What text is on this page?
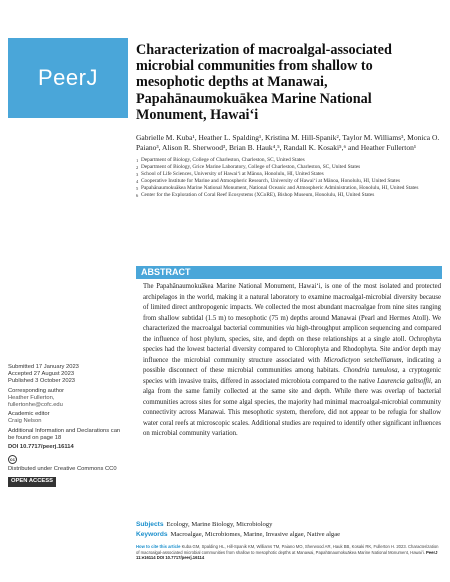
PeerJ
Characterization of macroalgal-associated microbial communities from shallow to mesophotic depths at Manawai, Papahānaumokuākea Marine National Monument, Hawaiʻi

Gabrielle M. Kuba¹, Heather L. Spalding¹, Kristina M. Hill-Spanik², Taylor M. Williams³, Monica O. Paiano³, Alison R. Sherwood³, Brian B. Hauk⁴,⁵, Randall K. Kosaki⁵,⁶ and Heather Fullerton¹

1 Department of Biology, College of Charleston, Charleston, SC, United States
2 Department of Biology, Grice Marine Laboratory, College of Charleston, Charleston, SC, United States
3 School of Life Sciences, University of Hawaiʻi at Mānoa, Honolulu, HI, United States
4 Cooperative Institute for Marine and Atmospheric Research, University of Hawaiʻi at Mānoa, Honolulu, HI, United States
5 Papahānaumokuākea Marine National Monument, National Oceanic and Atmospheric Administration, Honolulu, HI, United States
6 Center for the Exploration of Coral Reef Ecosystems (XCoRE), Bishop Museum, Honolulu, HI, United States
ABSTRACT
The Papahānaumokuākea Marine National Monument, Hawaiʻi, is one of the most isolated and protected archipelagos in the world, making it a natural laboratory to examine macroalgal-microbial diversity because of limited direct anthropogenic impacts. We collected the most abundant macroalgae from nine sites ranging from shallow subtidal (1.5 m) to mesophotic (75 m) depths around Manawai (Pearl and Hermes Atoll). We characterized the macroalgal bacterial communities via high-throughput amplicon sequencing and compared the influence of host phylum, species, site, and depth on these relationships at a single atoll. Ochrophyta species had the lowest bacterial diversity compared to Chlorophyta and Rhodophyta. Site and/or depth may influence the microbial community structure associated with Microdictyon setchellianum, indicating a possible disconnect of these microbial communities among habitats. Chondria tumulosa, a cryptogenic species with invasive traits, differed in associated microbiota compared to the native Laurencia galtsoffii, an alga from the same family collected at the same site and depth. While there was overlap of bacterial communities across sites for some algal species, the majority had minimal macroalgal-microbial community connectivity across Manawai. This mesophotic system, therefore, did not appear to be refugia for shallow water coral reefs at microscopic scales. Additional studies are required to identify other significant influences on microbial community variation.
Subjects Ecology, Marine Biology, Microbiology
Keywords Macroalgae, Microbiomes, Marine, Invasive algae, Native algae
Submitted 17 January 2023
Accepted 27 August 2023
Published 3 October 2023
Corresponding author
Heather Fullerton,
fullertonhe@cofc.edu
Academic editor
Craig Nelson
Additional Information and Declarations can be found on page 18
DOI 10.7717/peerj.16114
cc
Distributed under Creative Commons CC0
OPEN ACCESS
How to cite this article Kuba GM, Spalding HL, Hill-Spanik KM, Williams TM, Paiano MO, Sherwood AR, Hauk BB, Kosaki RK, Fullerton H. 2023. Characterization of macroalgal-associated microbial communities from shallow to mesophotic depths at Manawai, Papahānaumokuākea Marine National Monument, Hawaiʻi. PeerJ 11:e16114 DOI 10.7717/peerj.16114
